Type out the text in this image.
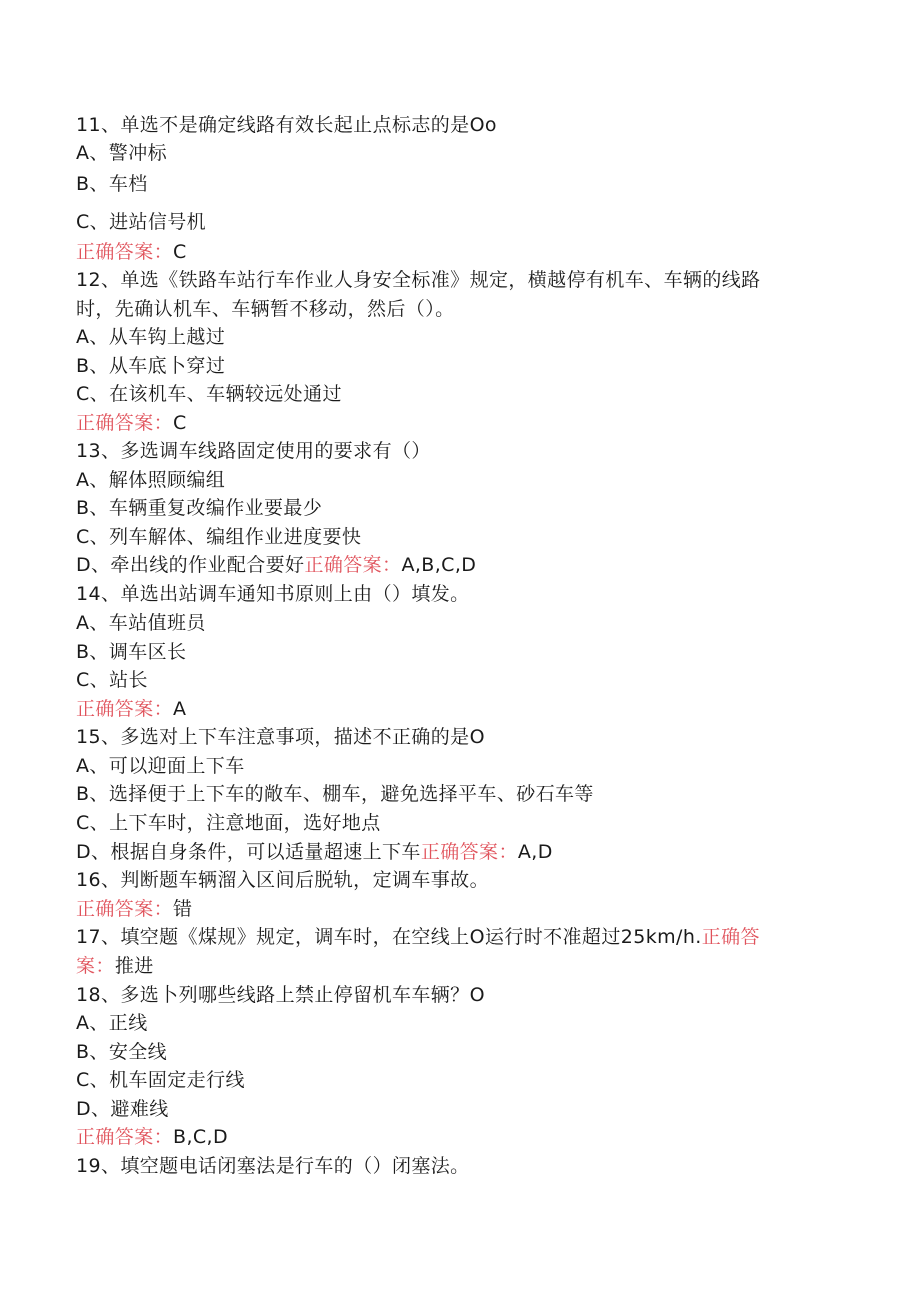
11、单选不是确定线路有效长起止点标志的是Oo
A、警冲标
B、车档
C、进站信号机
正确答案：C
12、单选《铁路车站行车作业人身安全标准》规定，横越停有机车、车辆的线路
时，先确认机车、车辆暂不移动，然后（）。
A、从车钩上越过
B、从车底卜穿过
C、在该机车、车辆较远处通过
正确答案：C
13、多选调车线路固定使用的要求有（）
A、解体照顾编组
B、车辆重复改编作业要最少
C、列车解体、编组作业进度要快
D、牵出线的作业配合要好正确答案：A,B,C,D
14、单选出站调车通知书原则上由（）填发。
A、车站值班员
B、调车区长
C、站长
正确答案：A
15、多选对上下车注意事项，描述不正确的是O
A、可以迎面上下车
B、选择便于上下车的敞车、棚车，避免选择平车、砂石车等
C、上下车时，注意地面，选好地点
D、根据自身条件，可以适量超速上下车正确答案：A,D
16、判断题车辆溜入区间后脱轨，定调车事故。
正确答案：错
17、填空题《煤规》规定，调车时，在空线上O运行时不准超过25km/h.正确答
案：推进
18、多选卜列哪些线路上禁止停留机车车辆？O
A、正线
B、安全线
C、机车固定走行线
D、避难线
正确答案：B,C,D
19、填空题电话闭塞法是行车的（）闭塞法。
